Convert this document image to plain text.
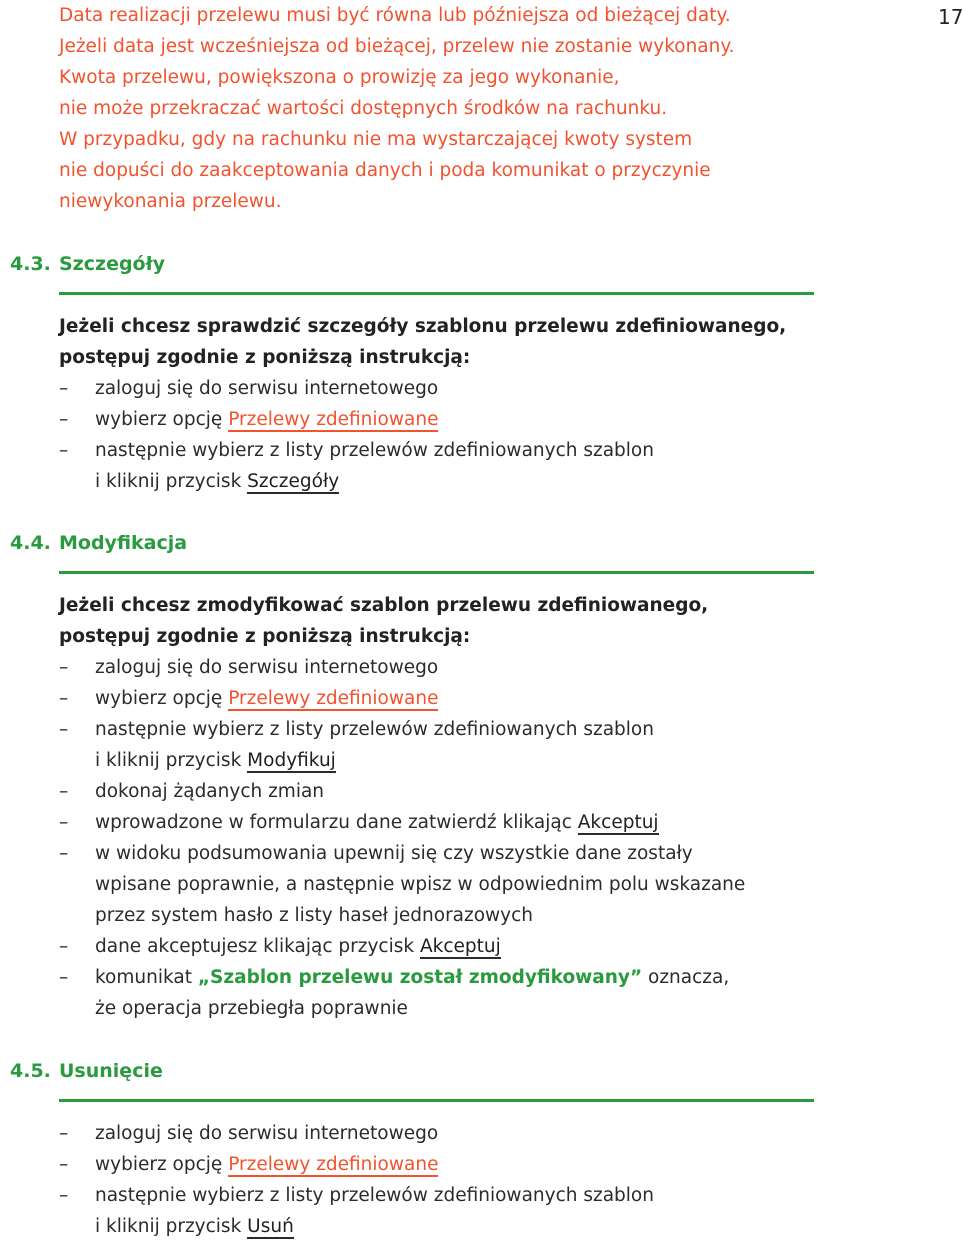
17

Data realizacji przelewu musi być równa lub późniejsza od bieżącej daty.

Jeżeli data jest wcześniejsza od bieżącej, przelew nie zostanie wykonany.

Kwota przelewu, powiększona o prowizję za jego wykonanie,

nie może przekraczać wartości dostępnych środków na rachunku.

W przypadku, gdy na rachunku nie ma wystarczającej kwoty system

nie dopuści do zaakceptowania danych i poda komunikat o przyczynie

niewykonania przelewu.

4.3. Szczegóły

Jeżeli chcesz sprawdzić szczegóły szablonu przelewu zdefiniowanego,

postępuj zgodnie z poniższą instrukcją:

– zaloguj się do serwisu internetowego
– wybierz opcję Przelewy zdefiniowane
– następnie wybierz z listy przelewów zdefiniowanych szablon
i kliknij przycisk Szczegóły
4.4. Modyfikacja

Jeżeli chcesz zmodyfikować szablon przelewu zdefiniowanego,

postępuj zgodnie z poniższą instrukcją:

– zaloguj się do serwisu internetowego
– wybierz opcję Przelewy zdefiniowane
– następnie wybierz z listy przelewów zdefiniowanych szablon
i kliknij przycisk Modyfikuj
– dokonaj żądanych zmian
– wprowadzone w formularzu dane zatwierdź klikając Akceptuj
– w widoku podsumowania upewnij się czy wszystkie dane zostały
wpisane poprawnie, a następnie wpisz w odpowiednim polu wskazane
przez system hasło z listy haseł jednorazowych
– dane akceptujesz klikając przycisk Akceptuj
– komunikat „Szablon przelewu został zmodyfikowany” oznacza,
że operacja przebiegła poprawnie
4.5. Usunięcie
– zaloguj się do serwisu internetowego
– wybierz opcję Przelewy zdefiniowane
– następnie wybierz z listy przelewów zdefiniowanych szablon
i kliknij przycisk Usuń
